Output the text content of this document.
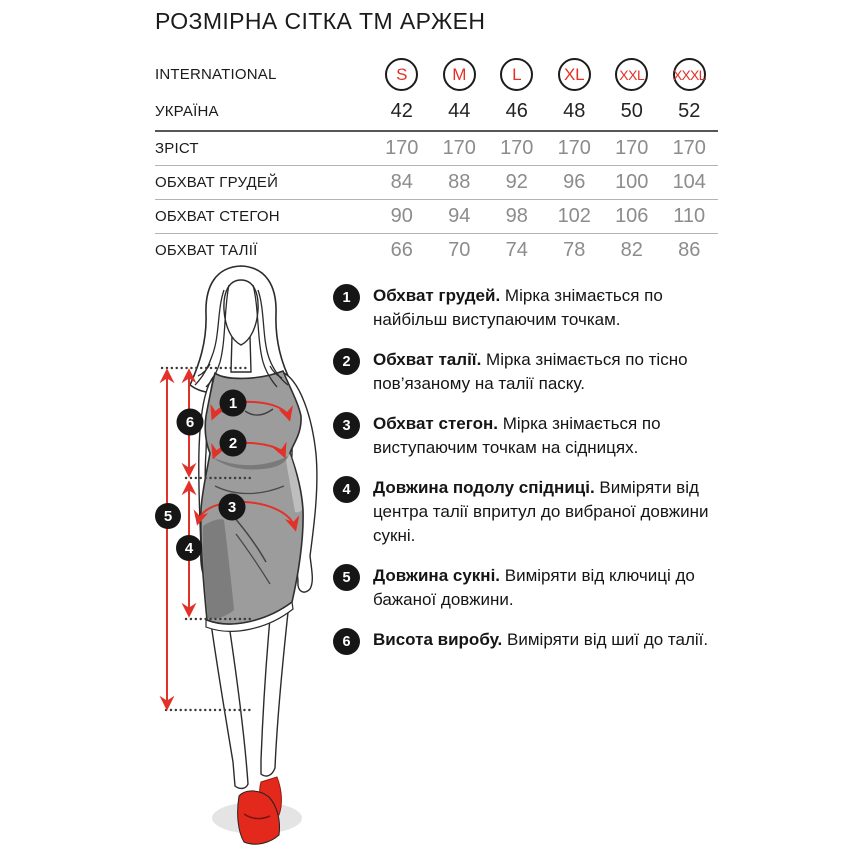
РОЗМІРНА СІТКА ТМ АРЖЕН
INTERNATIONAL	S	M	L	XL XXL XXXL
УКРАЇНА	42	44	46	48	50	52
ЗРІСТ	170	170	170	170	170	170
ОБХВАТ ГРУДЕЙ	84	88	92	96	100	104
ОБХВАТ СТЕГОН	90	94	98	102	106	110
ОБХВАТ ТАЛІЇ	66	70	74	78	82	86
1
2
3
4
5
6
1	Обхват грудей. Мірка знімається по найбільш виступаючим точкам.

2	Обхват талії. Мірка знімається по тісно пов’язаному на талії паску.

3	Обхват стегон. Мірка знімається по виступаючим точкам на сідницях.

4	Довжина подолу спідниці. Виміряти від центра талії впритул до вибраної довжини сукні.

5	Довжина сукні. Виміряти від ключиці до бажаної довжини.

6	Висота виробу. Виміряти від шиї до талії.
